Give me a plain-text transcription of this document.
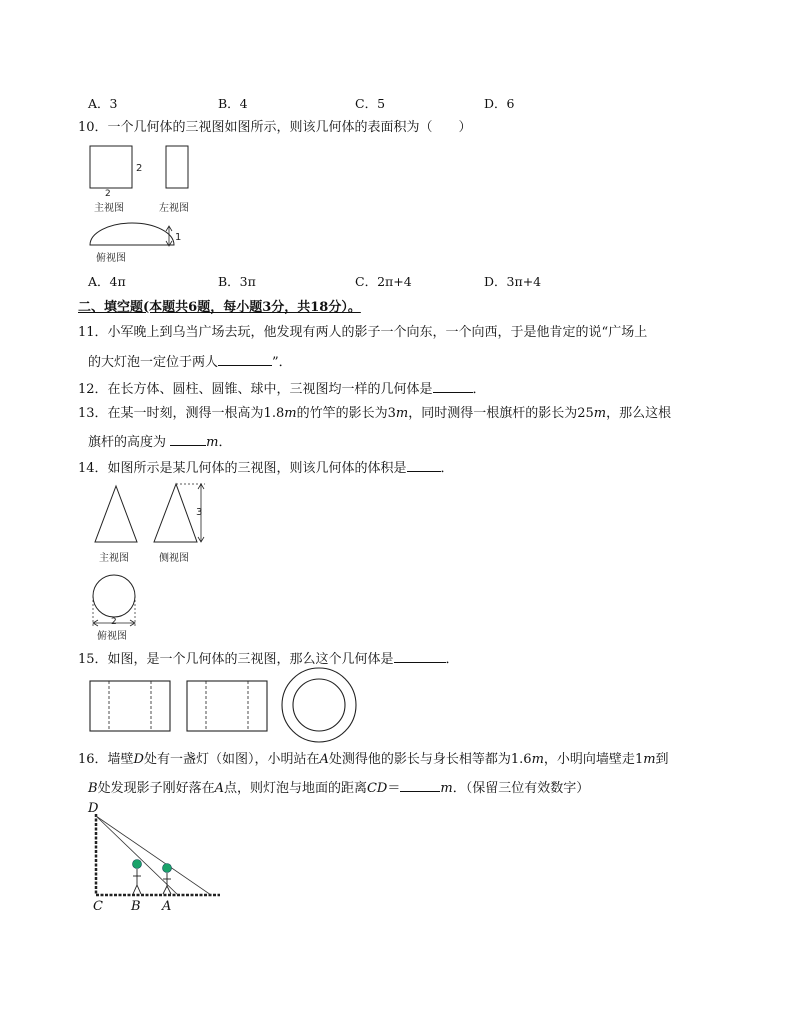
A．3	B．4	C．5	D．6
10．一个几何体的三视图如图所示，则该几何体的表面积为（　　）
2
2
主视图	左视图
1
俯视图
A．4π	B．3π	C．2π+4	D．3π+4
二、填空题(本题共6题，每小题3分，共18分）。
11．小军晚上到乌当广场去玩，他发现有两人的影子一个向东，一个向西，于是他肯定的说“广场上
的大灯泡一定位于两人	”．
12．在长方体、圆柱、圆锥、球中，三视图均一样的几何体是	．
13．在某一时刻，测得一根高为1.8m的竹竿的影长为3m，同时测得一根旗杆的影长为25m，那么这根
旗杆的高度为	m．
14．如图所示是某几何体的三视图，则该几何体的体积是	．
3
主视图	侧视图
2
俯视图
15．如图，是一个几何体的三视图，那么这个几何体是	．
16．墙壁D处有一盏灯（如图），小明站在A处测得他的影长与身长相等都为1.6m，小明向墙壁走1m到
B处发现影子刚好落在A点，则灯泡与地面的距离CD＝	m．（保留三位有效数字）
D
C B A
